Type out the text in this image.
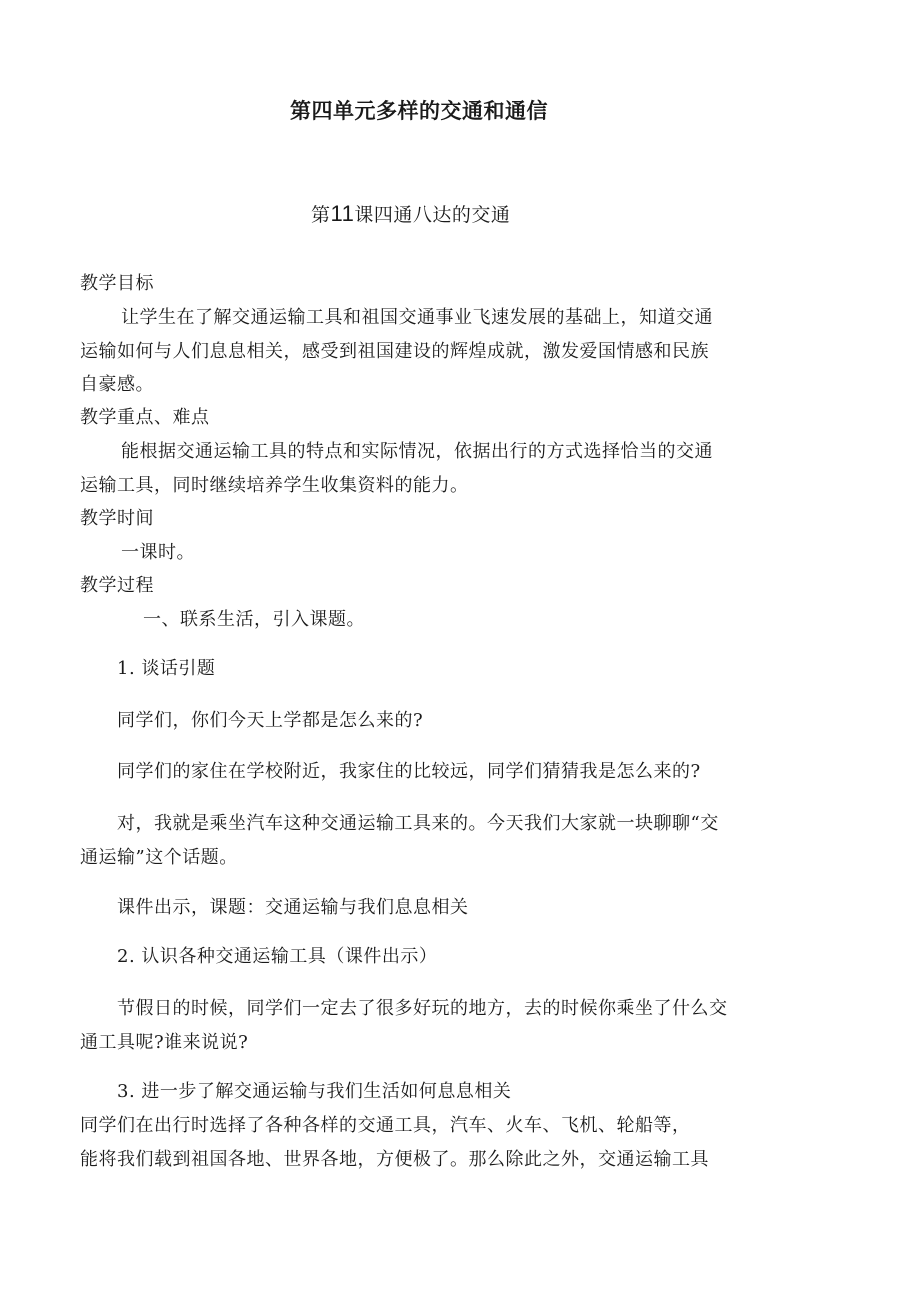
第四单元多样的交通和通信
第11课四通八达的交通

教学目标

让学生在了解交通运输工具和祖国交通事业飞速发展的基础上，知道交通

运输如何与人们息息相关，感受到祖国建设的辉煌成就，激发爱国情感和民族

自豪感。

教学重点、难点

能根据交通运输工具的特点和实际情况，依据出行的方式选择恰当的交通

运输工具，同时继续培养学生收集资料的能力。

教学时间

一课时。

教学过程

一、联系生活，引入课题。

1. 谈话引题

同学们，你们今天上学都是怎么来的?

同学们的家住在学校附近，我家住的比较远，同学们猜猜我是怎么来的?

对，我就是乘坐汽车这种交通运输工具来的。今天我们大家就一块聊聊“交

通运输”这个话题。

课件出示，课题：交通运输与我们息息相关

2. 认识各种交通运输工具（课件出示）

节假日的时候，同学们一定去了很多好玩的地方，去的时候你乘坐了什么交

通工具呢?谁来说说?

3. 进一步了解交通运输与我们生活如何息息相关

同学们在出行时选择了各种各样的交通工具，汽车、火车、飞机、轮船等，

能将我们载到祖国各地、世界各地，方便极了。那么除此之外，交通运输工具
